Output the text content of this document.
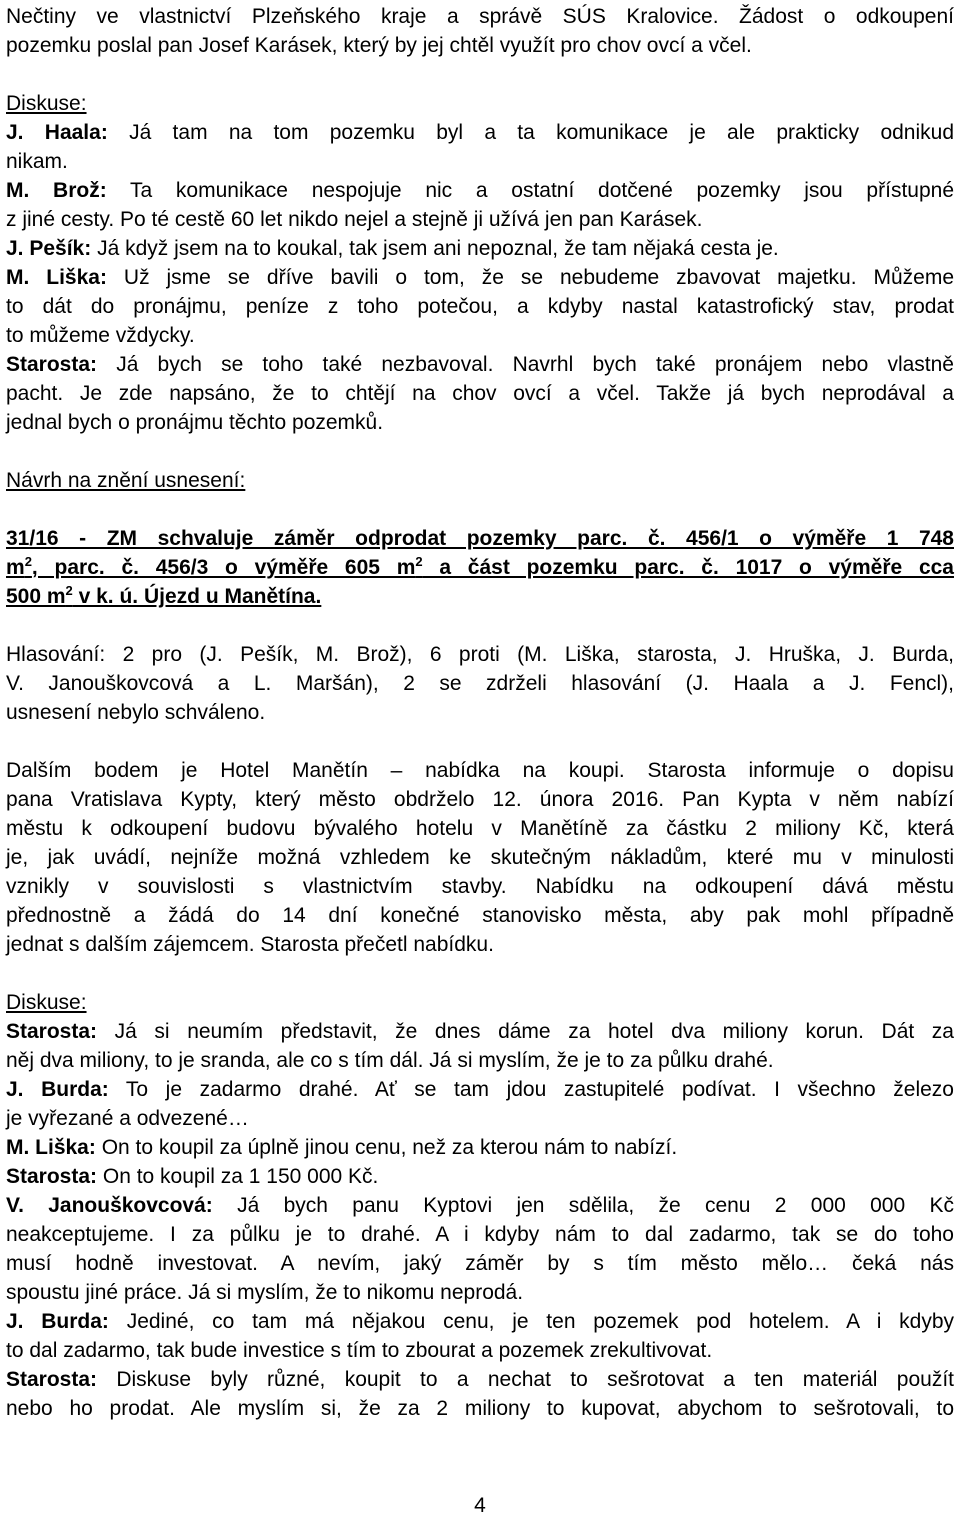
Nečtiny ve vlastnictví Plzeňského kraje a správě SÚS Kralovice. Žádost o odkoupení

pozemku poslal pan Josef Karásek, který by jej chtěl využít pro chov ovcí a včel.

Diskuse:

J. Haala: Já tam na tom pozemku byl a ta komunikace je ale prakticky odnikud

nikam.

M. Brož: Ta komunikace nespojuje nic a ostatní dotčené pozemky jsou přístupné

z jiné cesty. Po té cestě 60 let nikdo nejel a stejně ji užívá jen pan Karásek.

J. Pešík: Já když jsem na to koukal, tak jsem ani nepoznal, že tam nějaká cesta je.

M. Liška: Už jsme se dříve bavili o tom, že se nebudeme zbavovat majetku. Můžeme

to dát do pronájmu, peníze z toho potečou, a kdyby nastal katastrofický stav, prodat

to můžeme vždycky.

Starosta: Já bych se toho také nezbavoval. Navrhl bych také pronájem nebo vlastně

pacht. Je zde napsáno, že to chtějí na chov ovcí a včel. Takže já bych neprodával a

jednal bych o pronájmu těchto pozemků.

Návrh na znění usnesení:

31/16 - ZM schvaluje záměr odprodat pozemky parc. č. 456/1 o výměře 1 748

$m^2$, parc. č. 456/3 o výměře 605 $m^2$ a část pozemku parc. č. 1017 o výměře cca

500 $m^2$ v k. ú. Újezd u Manětína.

Hlasování: 2 pro (J. Pešík, M. Brož), 6 proti (M. Liška, starosta, J. Hruška, J. Burda,

V. Janouškovcová a L. Maršán), 2 se zdrželi hlasování (J. Haala a J. Fencl),

usnesení nebylo schváleno.

Dalším bodem je Hotel Manětín – nabídka na koupi. Starosta informuje o dopisu

pana Vratislava Kypty, který město obdrželo 12. února 2016. Pan Kypta v něm nabízí

městu k odkoupení budovu bývalého hotelu v Manětíně za částku 2 miliony Kč, která

je, jak uvádí, nejníže možná vzhledem ke skutečným nákladům, které mu v minulosti

vznikly v souvislosti s vlastnictvím stavby. Nabídku na odkoupení dává městu

přednostně a žádá do 14 dní konečné stanovisko města, aby pak mohl případně

jednat s dalším zájemcem. Starosta přečetl nabídku.

Diskuse:

Starosta: Já si neumím představit, že dnes dáme za hotel dva miliony korun. Dát za

něj dva miliony, to je sranda, ale co s tím dál. Já si myslím, že je to za půlku drahé.

J. Burda: To je zadarmo drahé. Ať se tam jdou zastupitelé podívat. I všechno železo

je vyřezané a odvezené…

M. Liška: On to koupil za úplně jinou cenu, než za kterou nám to nabízí.

Starosta: On to koupil za 1 150 000 Kč.

V. Janouškovcová: Já bych panu Kyptovi jen sdělila, že cenu 2 000 000 Kč

neakceptujeme. I za půlku je to drahé. A i kdyby nám to dal zadarmo, tak se do toho

musí hodně investovat. A nevím, jaký záměr by s tím město mělo… čeká nás

spoustu jiné práce. Já si myslím, že to nikomu neprodá.

J. Burda: Jediné, co tam má nějakou cenu, je ten pozemek pod hotelem. A i kdyby

to dal zadarmo, tak bude investice s tím to zbourat a pozemek zrekultivovat.

Starosta: Diskuse byly různé, koupit to a nechat to sešrotovat a ten materiál použít

nebo ho prodat. Ale myslím si, že za 2 miliony to kupovat, abychom to sešrotovali, to

4
